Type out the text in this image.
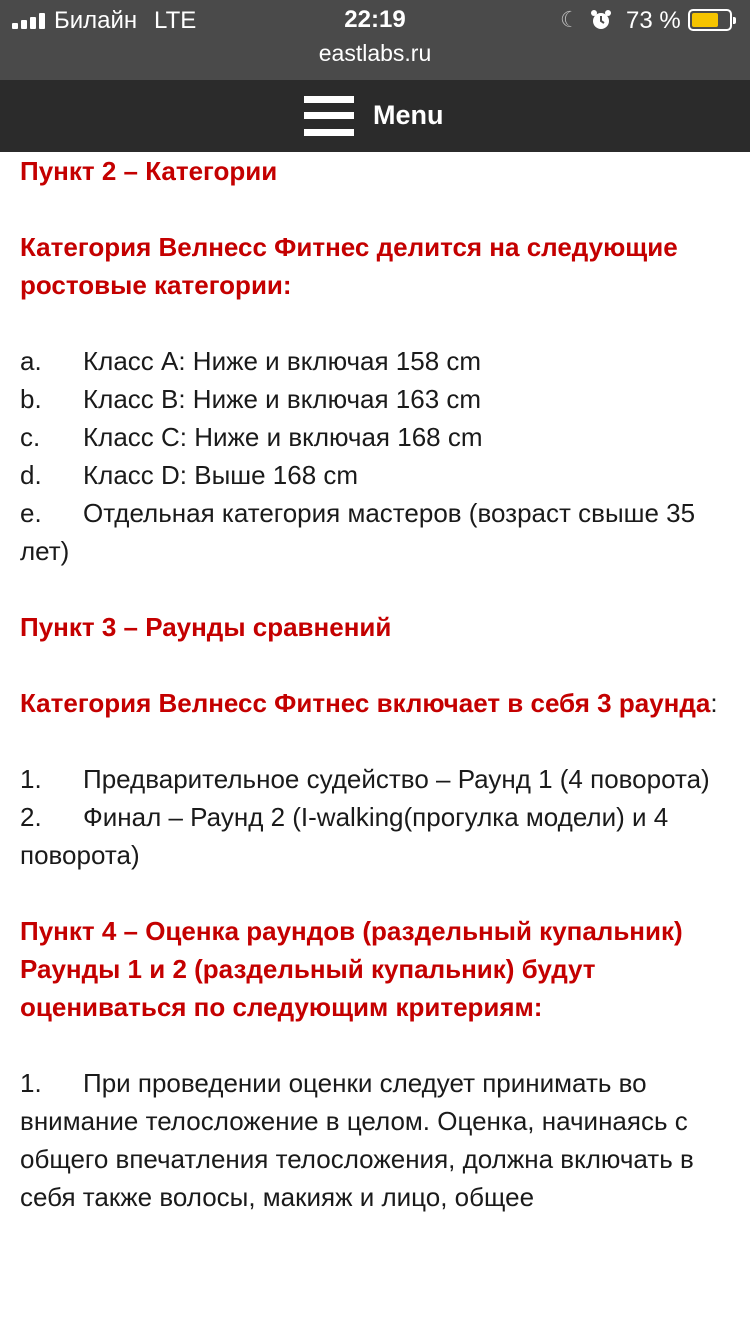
Билайн LTE	22:19	☾ 73 %
eastlabs.ru
Menu
Пункт 2 – Категории
Категория Велнесс Фитнес делится на следующие ростовые категории:
a. Класс А: Ниже и включая 158 cm
b. Класс В: Ниже и включая 163 cm
c. Класс С: Ниже и включая 168 cm
d. Класс D: Выше 168 cm
e. Отдельная категория мастеров (возраст свыше 35 лет)
Пункт 3 – Раунды сравнений
Категория Велнесс Фитнес включает в себя 3 раунда:
1. Предварительное судейство – Раунд 1 (4 поворота)
2. Финал – Раунд 2 (I-walking(прогулка модели) и 4 поворота)
Пункт 4 – Оценка раундов (раздельный купальник)
Раунды 1 и 2 (раздельный купальник) будут оцениваться по следующим критериям:
1. При проведении оценки следует принимать во внимание телосложение в целом. Оценка, начинаясь с общего впечатления телосложения, должна включать в себя также волосы, макияж и лицо, общее
